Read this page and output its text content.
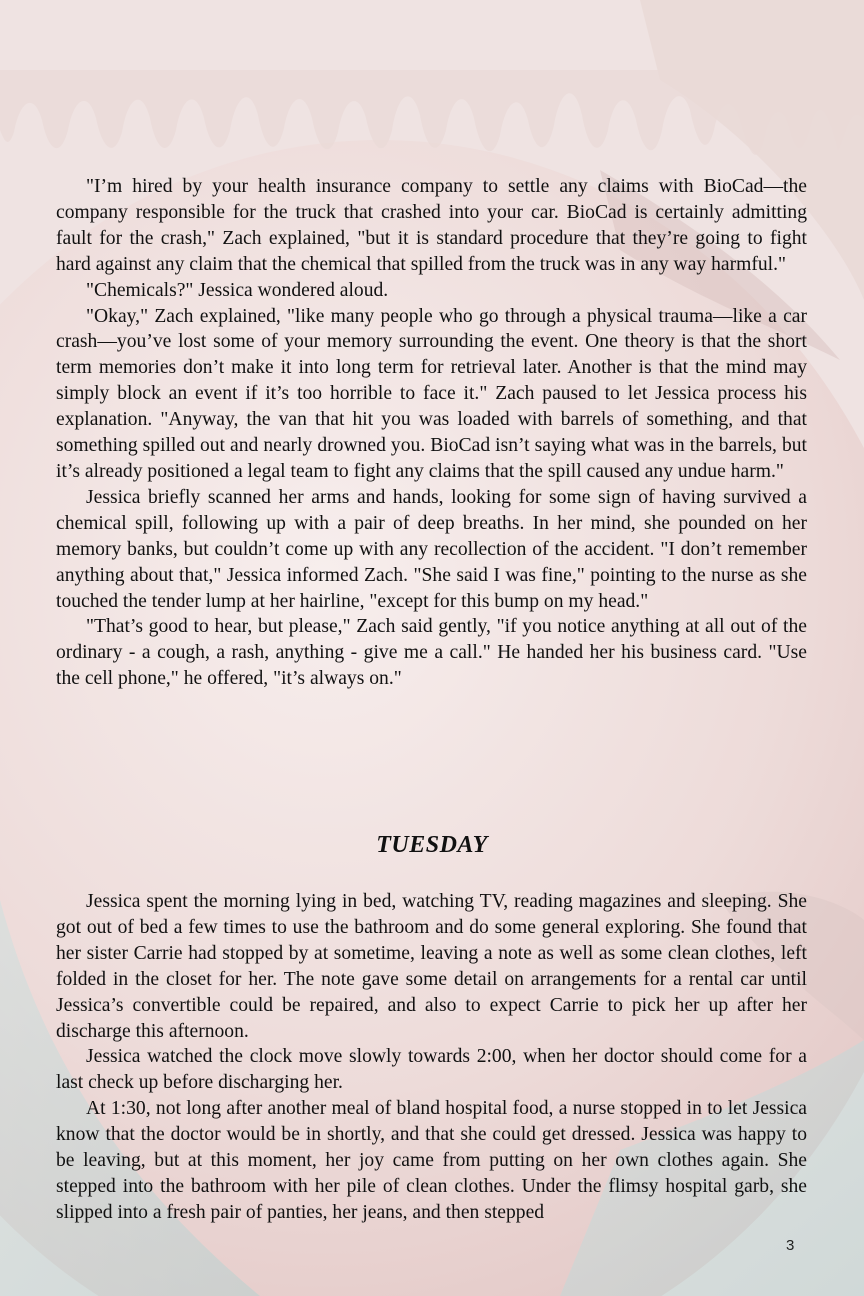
"I’m hired by your health insurance company to settle any claims with BioCad—the company responsible for the truck that crashed into your car. BioCad is certainly admitting fault for the crash," Zach explained, "but it is standard procedure that they’re going to fight hard against any claim that the chemical that spilled from the truck was in any way harmful."

"Chemicals?" Jessica wondered aloud.

"Okay," Zach explained, "like many people who go through a physical trauma—like a car crash—you’ve lost some of your memory surrounding the event. One theory is that the short term memories don’t make it into long term for retrieval later. Another is that the mind may simply block an event if it’s too horrible to face it." Zach paused to let Jessica process his explanation. "Anyway, the van that hit you was loaded with barrels of something, and that something spilled out and nearly drowned you. BioCad isn’t saying what was in the barrels, but it’s already positioned a legal team to fight any claims that the spill caused any undue harm."

Jessica briefly scanned her arms and hands, looking for some sign of having survived a chemical spill, following up with a pair of deep breaths. In her mind, she pounded on her memory banks, but couldn’t come up with any recollection of the accident. "I don’t remember anything about that," Jessica informed Zach. "She said I was fine," pointing to the nurse as she touched the tender lump at her hairline, "except for this bump on my head."

"That’s good to hear, but please," Zach said gently, "if you notice anything at all out of the ordinary - a cough, a rash, anything - give me a call." He handed her his business card. "Use the cell phone," he offered, "it’s always on."

TUESDAY

Jessica spent the morning lying in bed, watching TV, reading magazines and sleeping. She got out of bed a few times to use the bathroom and do some general exploring. She found that her sister Carrie had stopped by at sometime, leaving a note as well as some clean clothes, left folded in the closet for her. The note gave some detail on arrangements for a rental car until Jessica’s convertible could be repaired, and also to expect Carrie to pick her up after her discharge this afternoon.

Jessica watched the clock move slowly towards 2:00, when her doctor should come for a last check up before discharging her.

At 1:30, not long after another meal of bland hospital food, a nurse stopped in to let Jessica know that the doctor would be in shortly, and that she could get dressed. Jessica was happy to be leaving, but at this moment, her joy came from putting on her own clothes again. She stepped into the bathroom with her pile of clean clothes. Under the flimsy hospital garb, she slipped into a fresh pair of panties, her jeans, and then stepped

3
